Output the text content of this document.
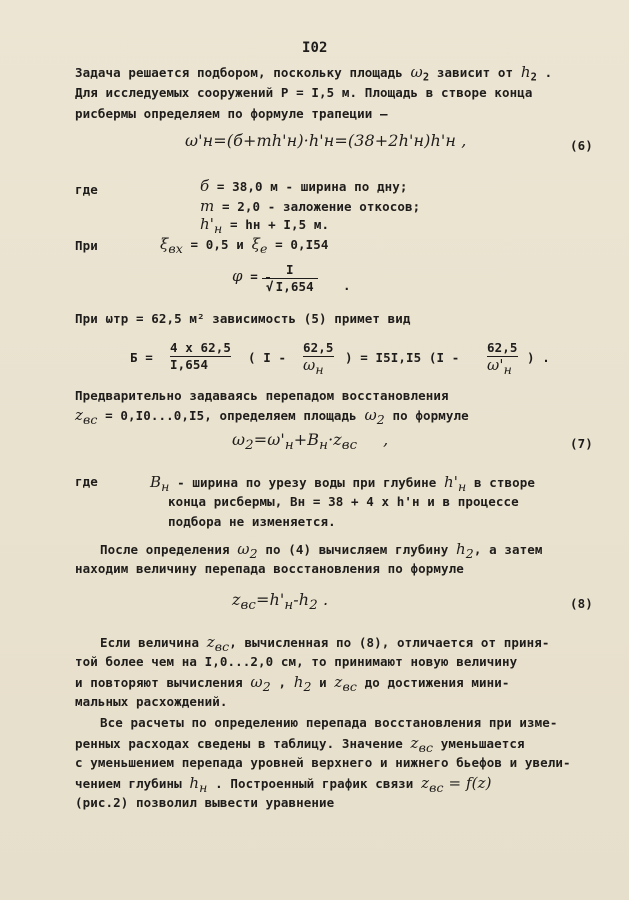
I02
Задача решается подбором, поскольку площадь $\omega_2$ зависит от $h_2$ .
Для исследуемых сооружений P = I,5 м. Площадь в створе конца
рисбермы определяем по формуле трапеции —
ω'н=(б+mh'н)·h'н=(38+2h'н)h'н ,	(6)
где	б = 38,0 м - ширина по дну;
m = 2,0 - заложение откосов;
$h'_н$ = hн + I,5 м.
При	$\xi_{вх} = 0,5$ и $\xi_е = 0,I54$
φ =	I
√ I,654	.
При ωтр = 62,5 м² зависимость (5) примет вид
Б =
4 х 62,5
I,654	( I -
62,5
$\omega_н$
) = I5I,I5 (I -
62,5
$\omega'_н$
) .
Предварительно задаваясь перепадом восстановления
$z_{вс} = 0,I0...0,I5$, определяем площадь $\omega_2$ по формуле
$\omega_2=\omega'_н+В_н\cdot z_{вс}$     ,	(7)
где	$В_н$ - ширина по урезу воды при глубине $h'_н$ в створе
конца рисбермы, Вн = 38 + 4 х h'н и в процессе
подбора не изменяется.
После определения $\omega_2$ по (4) вычисляем глубину $h_2$, а затем
находим величину перепада восстановления по формуле
$z_{вс}=h'_н-h_2$ .	(8)
Если величина $z_{вс}$, вычисленная по (8), отличается от приня-
той более чем на I,0...2,0 см, то принимают новую величину
и повторяют вычисления $\omega_2$ , $h_2$ и $z_{вс}$ до достижения мини-
мальных расхождений.
Все расчеты по определению перепада восстановления при изме-
ренных расходах сведены в таблицу. Значение $z_{вс}$ уменьшается
с уменьшением перепада уровней верхнего и нижнего бьефов и увели-
чением глубины $h_н$ . Построенный график связи $z_{вс} = f(z)$
(рис.2) позволил вывести уравнение
